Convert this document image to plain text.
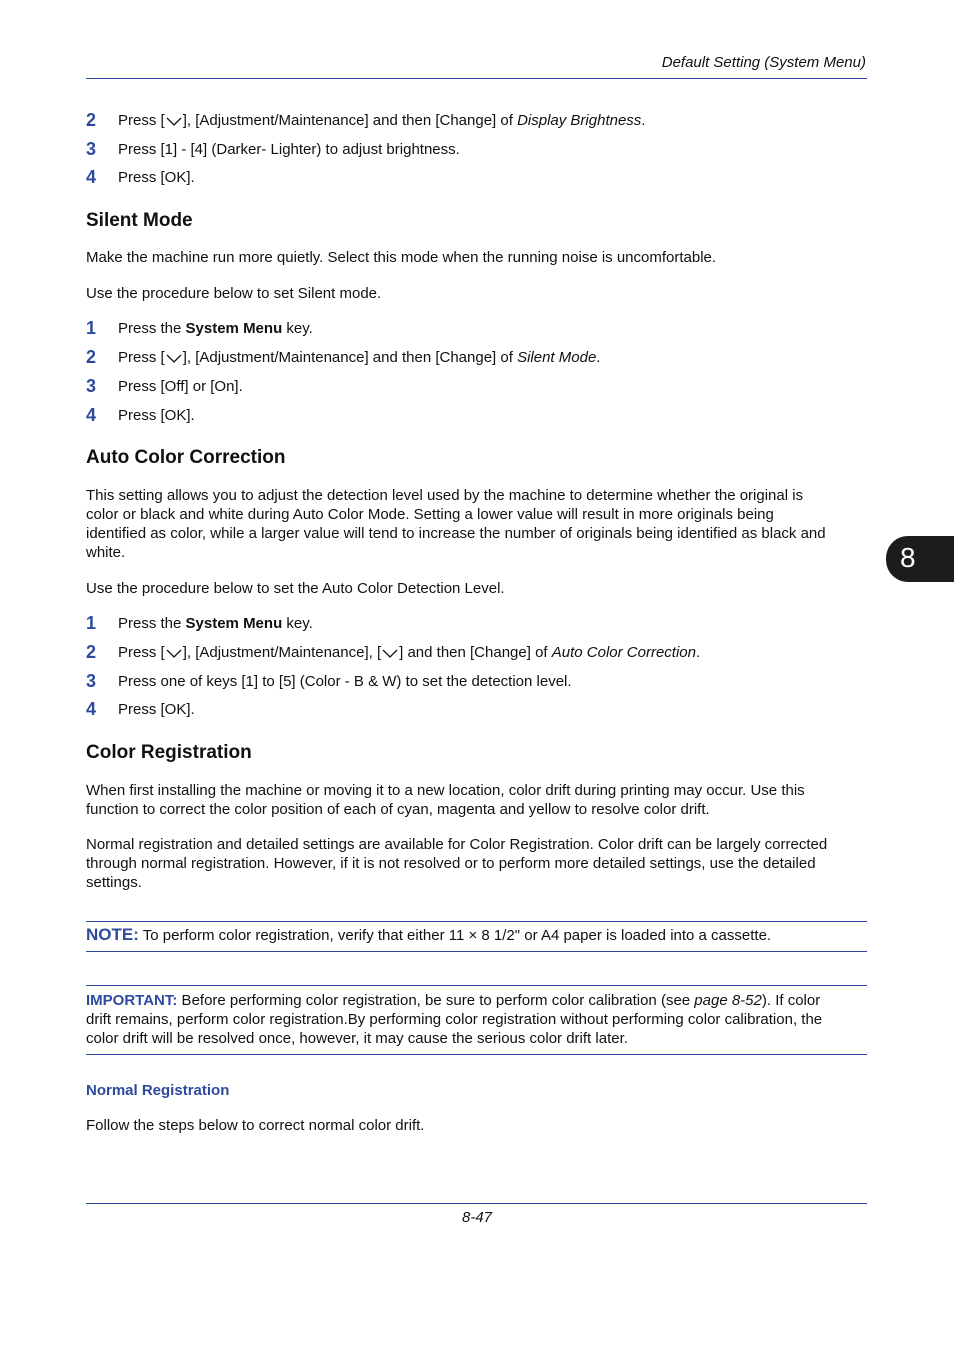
Default Setting (System Menu)
8
2 Press [ ], [Adjustment/Maintenance] and then [Change] of Display Brightness.
3 Press [1] - [4] (Darker- Lighter) to adjust brightness.
4 Press [OK].
Silent Mode
Make the machine run more quietly. Select this mode when the running noise is uncomfortable.
Use the procedure below to set Silent mode.
1 Press the System Menu key.
2 Press [ ], [Adjustment/Maintenance] and then [Change] of Silent Mode.
3 Press [Off] or [On].
4 Press [OK].
Auto Color Correction
This setting allows you to adjust the detection level used by the machine to determine whether the original is
color or black and white during Auto Color Mode. Setting a lower value will result in more originals being
identified as color, while a larger value will tend to increase the number of originals being identified as black and
white.
Use the procedure below to set the Auto Color Detection Level.
1 Press the System Menu key.
2 Press [ ], [Adjustment/Maintenance], [ ] and then [Change] of Auto Color Correction.
3 Press one of keys [1] to [5] (Color - B & W) to set the detection level.
4 Press [OK].
Color Registration
When first installing the machine or moving it to a new location, color drift during printing may occur. Use this
function to correct the color position of each of cyan, magenta and yellow to resolve color drift.
Normal registration and detailed settings are available for Color Registration. Color drift can be largely corrected
through normal registration. However, if it is not resolved or to perform more detailed settings, use the detailed
settings.
NOTE: To perform color registration, verify that either 11 × 8 1/2" or A4 paper is loaded into a cassette.
IMPORTANT: Before performing color registration, be sure to perform color calibration (see page 8-52). If color
drift remains, perform color registration.By performing color registration without performing color calibration, the
color drift will be resolved once, however, it may cause the serious color drift later.
Normal Registration
Follow the steps below to correct normal color drift.
8-47
